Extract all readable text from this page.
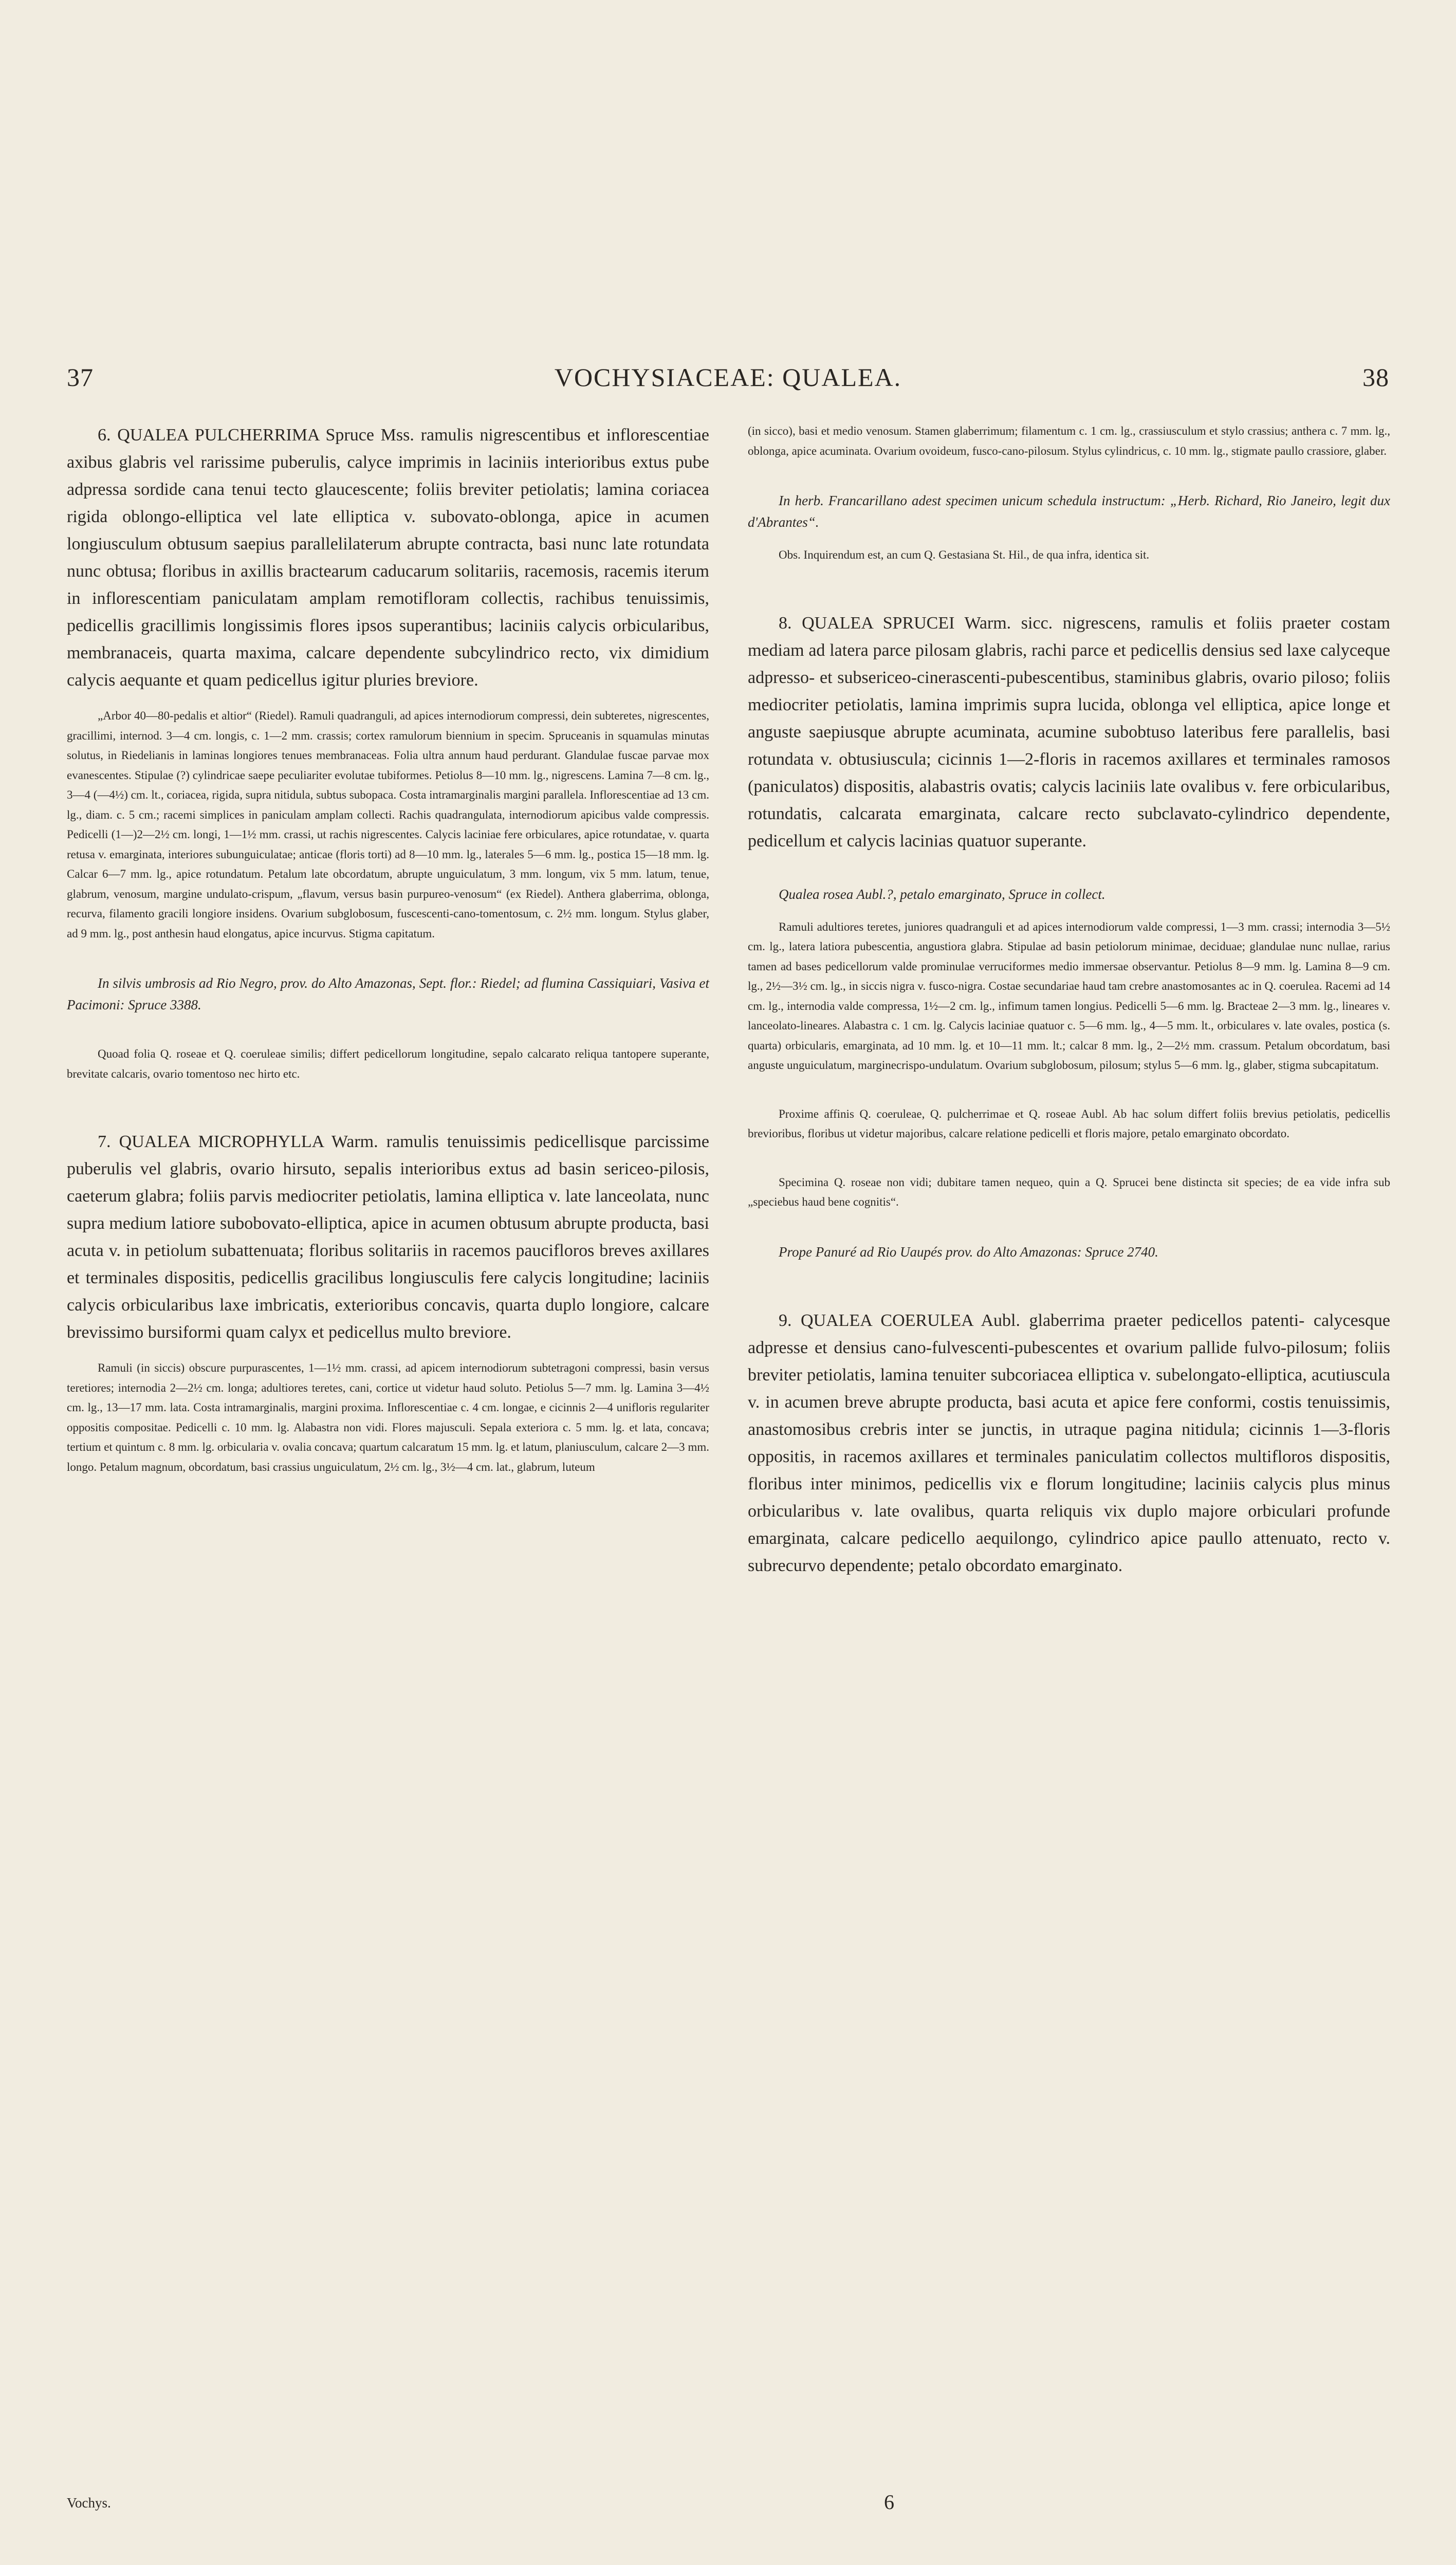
37	VOCHYSIACEAE: QUALEA.	38

6. QUALEA PULCHERRIMA Spruce Mss. ramulis nigrescentibus et inflorescentiae axibus glabris vel rarissime puberulis, calyce imprimis in laciniis interioribus extus pube adpressa sordide cana tenui tecto glaucescente; foliis breviter petiolatis; lamina coriacea rigida oblongo-elliptica vel late elliptica v. subovato-oblonga, apice in acumen longiusculum obtusum saepius parallelilaterum abrupte contracta, basi nunc late rotundata nunc obtusa; floribus in axillis bractearum caducarum solitariis, racemosis, racemis iterum in inflorescentiam paniculatam amplam remotifloram collectis, rachibus tenuissimis, pedicellis gracillimis longissimis flores ipsos superantibus; laciniis calycis orbicularibus, membranaceis, quarta maxima, calcare dependente subcylindrico recto, vix dimidium calycis aequante et quam pedicellus igitur pluries breviore.

„Arbor 40—80-pedalis et altior“ (Riedel). Ramuli quadranguli, ad apices internodiorum compressi, dein subteretes, nigrescentes, gracillimi, internod. 3—4 cm. longis, c. 1—2 mm. crassis; cortex ramulorum biennium in specim. Spruceanis in squamulas minutas solutus, in Riedelianis in laminas longiores tenues membranaceas. Folia ultra annum haud perdurant. Glandulae fuscae parvae mox evanescentes. Stipulae (?) cylindricae saepe peculiariter evolutae tubiformes. Petiolus 8—10 mm. lg., nigrescens. Lamina 7—8 cm. lg., 3—4 (—4½) cm. lt., coriacea, rigida, supra nitidula, subtus subopaca. Costa intramarginalis margini parallela. Inflorescentiae ad 13 cm. lg., diam. c. 5 cm.; racemi simplices in paniculam amplam collecti. Rachis quadrangulata, internodiorum apicibus valde compressis. Pedicelli (1—)2—2½ cm. longi, 1—1½ mm. crassi, ut rachis nigrescentes. Calycis laciniae fere orbiculares, apice rotundatae, v. quarta retusa v. emarginata, interiores subunguiculatae; anticae (floris torti) ad 8—10 mm. lg., laterales 5—6 mm. lg., postica 15—18 mm. lg. Calcar 6—7 mm. lg., apice rotundatum. Petalum late obcordatum, abrupte unguiculatum, 3 mm. longum, vix 5 mm. latum, tenue, glabrum, venosum, margine undulato-crispum, „flavum, versus basin purpureo-venosum“ (ex Riedel). Anthera glaberrima, oblonga, recurva, filamento gracili longiore insidens. Ovarium subglobosum, fuscescenti-cano-tomentosum, c. 2½ mm. longum. Stylus glaber, ad 9 mm. lg., post anthesin haud elongatus, apice incurvus. Stigma capitatum.

In silvis umbrosis ad Rio Negro, prov. do Alto Amazonas, Sept. flor.: Riedel; ad flumina Cassiquiari, Vasiva et Pacimoni: Spruce 3388.

Quoad folia Q. roseae et Q. coeruleae similis; differt pedicellorum longitudine, sepalo calcarato reliqua tantopere superante, brevitate calcaris, ovario tomentoso nec hirto etc.

7. QUALEA MICROPHYLLA Warm. ramulis tenuissimis pedicellisque parcissime puberulis vel glabris, ovario hirsuto, sepalis interioribus extus ad basin sericeo-pilosis, caeterum glabra; foliis parvis mediocriter petiolatis, lamina elliptica v. late lanceolata, nunc supra medium latiore subobovato-elliptica, apice in acumen obtusum abrupte producta, basi acuta v. in petiolum subattenuata; floribus solitariis in racemos paucifloros breves axillares et terminales dispositis, pedicellis gracilibus longiusculis fere calycis longitudine; laciniis calycis orbicularibus laxe imbricatis, exterioribus concavis, quarta duplo longiore, calcare brevissimo bursiformi quam calyx et pedicellus multo breviore.

Ramuli (in siccis) obscure purpurascentes, 1—1½ mm. crassi, ad apicem internodiorum subtetragoni compressi, basin versus teretiores; internodia 2—2½ cm. longa; adultiores teretes, cani, cortice ut videtur haud soluto. Petiolus 5—7 mm. lg. Lamina 3—4½ cm. lg., 13—17 mm. lata. Costa intramarginalis, margini proxima. Inflorescentiae c. 4 cm. longae, e cicinnis 2—4 unifloris regulariter oppositis compositae. Pedicelli c. 10 mm. lg. Alabastra non vidi. Flores majusculi. Sepala exteriora c. 5 mm. lg. et lata, concava; tertium et quintum c. 8 mm. lg. orbicularia v. ovalia concava; quartum calcaratum 15 mm. lg. et latum, planiusculum, calcare 2—3 mm. longo. Petalum magnum, obcordatum, basi crassius unguiculatum, 2½ cm. lg., 3½—4 cm. lat., glabrum, luteum

(in sicco), basi et medio venosum. Stamen glaberrimum; filamentum c. 1 cm. lg., crassiusculum et stylo crassius; anthera c. 7 mm. lg., oblonga, apice acuminata. Ovarium ovoideum, fusco-cano-pilosum. Stylus cylindricus, c. 10 mm. lg., stigmate paullo crassiore, glaber.

In herb. Francarillano adest specimen unicum schedula instructum: „Herb. Richard, Rio Janeiro, legit dux d'Abrantes“.

Obs. Inquirendum est, an cum Q. Gestasiana St. Hil., de qua infra, identica sit.

8. QUALEA SPRUCEI Warm. sicc. nigrescens, ramulis et foliis praeter costam mediam ad latera parce pilosam glabris, rachi parce et pedicellis densius sed laxe calyceque adpresso- et subsericeo-cinerascenti-pubescentibus, staminibus glabris, ovario piloso; foliis mediocriter petiolatis, lamina imprimis supra lucida, oblonga vel elliptica, apice longe et anguste saepiusque abrupte acuminata, acumine subobtuso lateribus fere parallelis, basi rotundata v. obtusiuscula; cicinnis 1—2-floris in racemos axillares et terminales ramosos (paniculatos) dispositis, alabastris ovatis; calycis laciniis late ovalibus v. fere orbicularibus, rotundatis, calcarata emarginata, calcare recto subclavato-cylindrico dependente, pedicellum et calycis lacinias quatuor superante.

Qualea rosea Aubl.?, petalo emarginato, Spruce in collect.

Ramuli adultiores teretes, juniores quadranguli et ad apices internodiorum valde compressi, 1—3 mm. crassi; internodia 3—5½ cm. lg., latera latiora pubescentia, angustiora glabra. Stipulae ad basin petiolorum minimae, deciduae; glandulae nunc nullae, rarius tamen ad bases pedicellorum valde prominulae verruciformes medio immersae observantur. Petiolus 8—9 mm. lg. Lamina 8—9 cm. lg., 2½—3½ cm. lg., in siccis nigra v. fusco-nigra. Costae secundariae haud tam crebre anastomosantes ac in Q. coerulea. Racemi ad 14 cm. lg., internodia valde compressa, 1½—2 cm. lg., infimum tamen longius. Pedicelli 5—6 mm. lg. Bracteae 2—3 mm. lg., lineares v. lanceolato-lineares. Alabastra c. 1 cm. lg. Calycis laciniae quatuor c. 5—6 mm. lg., 4—5 mm. lt., orbiculares v. late ovales, postica (s. quarta) orbicularis, emarginata, ad 10 mm. lg. et 10—11 mm. lt.; calcar 8 mm. lg., 2—2½ mm. crassum. Petalum obcordatum, basi anguste unguiculatum, marginecrispo-undulatum. Ovarium subglobosum, pilosum; stylus 5—6 mm. lg., glaber, stigma subcapitatum.

Proxime affinis Q. coeruleae, Q. pulcherrimae et Q. roseae Aubl. Ab hac solum differt foliis brevius petiolatis, pedicellis brevioribus, floribus ut videtur majoribus, calcare relatione pedicelli et floris majore, petalo emarginato obcordato.

Specimina Q. roseae non vidi; dubitare tamen nequeo, quin a Q. Sprucei bene distincta sit species; de ea vide infra sub „speciebus haud bene cognitis“.

Prope Panuré ad Rio Uaupés prov. do Alto Amazonas: Spruce 2740.

9. QUALEA COERULEA Aubl. glaberrima praeter pedicellos patenti- calycesque adpresse et densius cano-fulvescenti-pubescentes et ovarium pallide fulvo-pilosum; foliis breviter petiolatis, lamina tenuiter subcoriacea elliptica v. subelongato-elliptica, acutiuscula v. in acumen breve abrupte producta, basi acuta et apice fere conformi, costis tenuissimis, anastomosibus crebris inter se junctis, in utraque pagina nitidula; cicinnis 1—3-floris oppositis, in racemos axillares et terminales paniculatim collectos multifloros dispositis, floribus inter minimos, pedicellis vix e florum longitudine; laciniis calycis plus minus orbicularibus v. late ovalibus, quarta reliquis vix duplo majore orbiculari profunde emarginata, calcare pedicello aequilongo, cylindrico apice paullo attenuato, recto v. subrecurvo dependente; petalo obcordato emarginato.

Vochys.	6
